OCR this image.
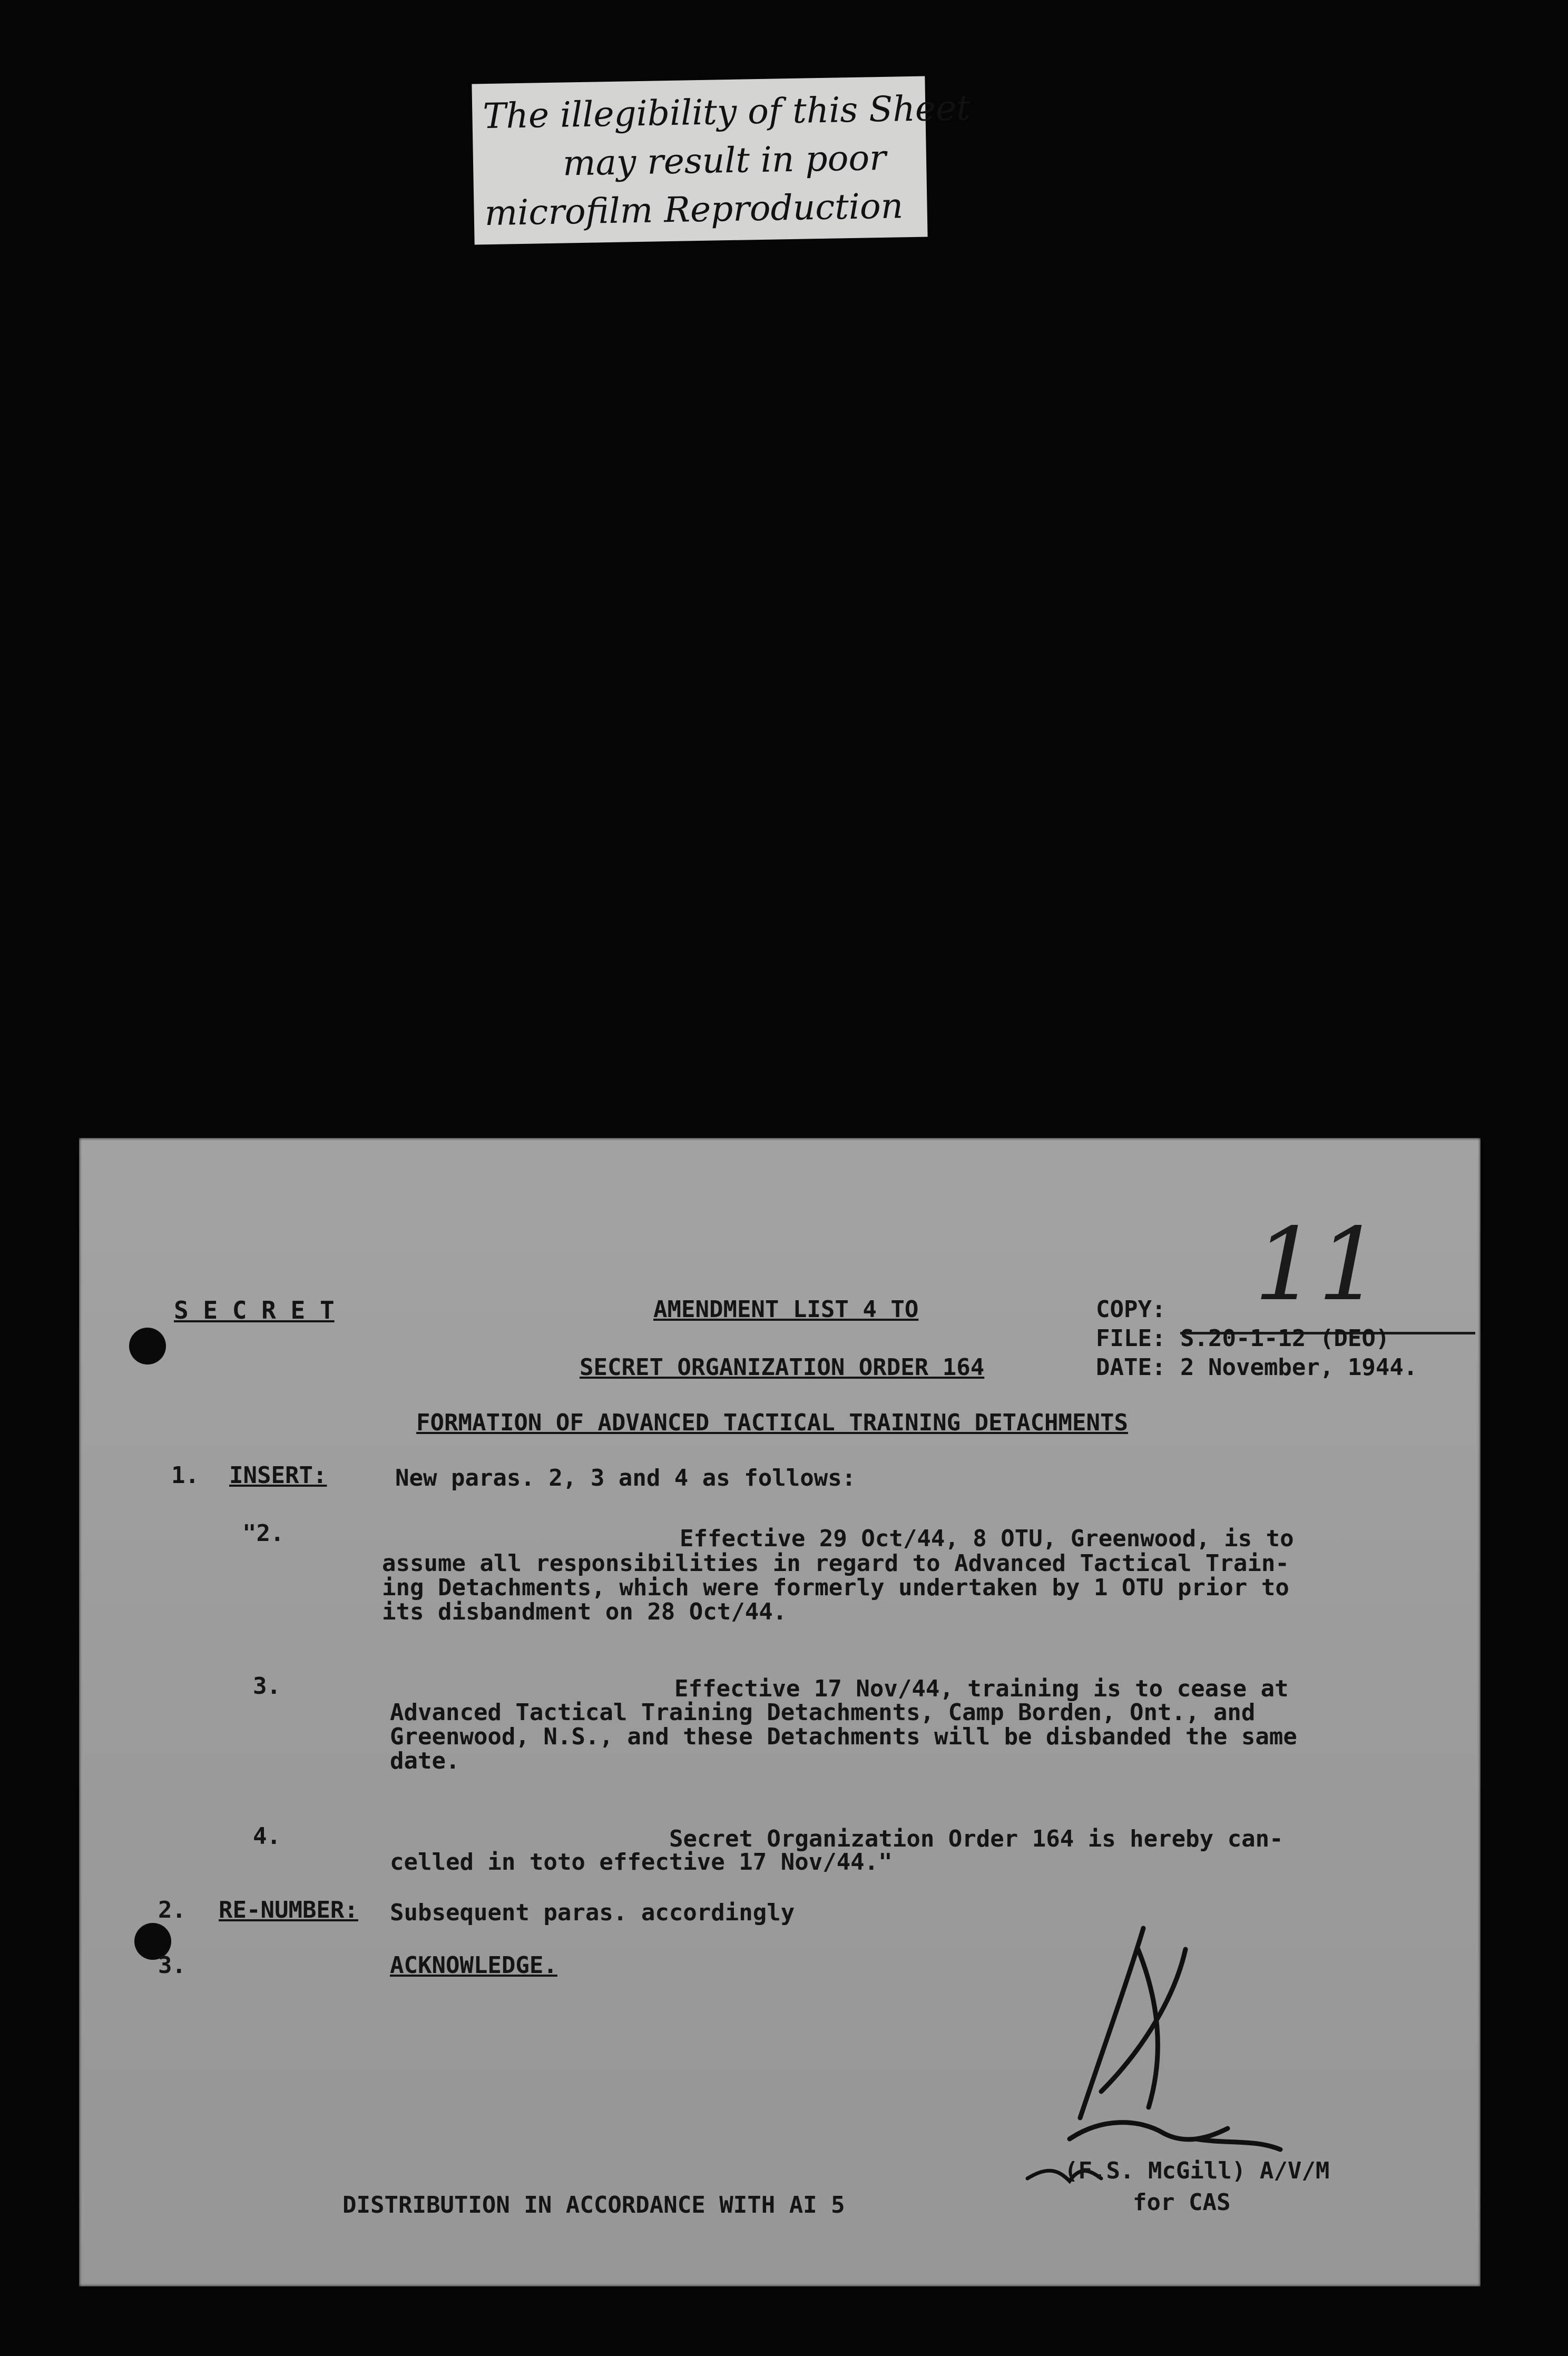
The illegibility of this Sheet
may result in poor
microfilm Reproduction
S E C R E T	AMENDMENT LIST 4 TO
SECRET ORGANIZATION ORDER 164
FORMATION OF ADVANCED TACTICAL TRAINING DETACHMENTS
COPY: 11
FILE: S.20-1-12 (DEO)
DATE: 2 November, 1944.
1. INSERT:	New paras. 2, 3 and 4 as follows:
"2.	Effective 29 Oct/44, 8 OTU, Greenwood, is to
assume all responsibilities in regard to Advanced Tactical Train-
ing Detachments, which were formerly undertaken by 1 OTU prior to
its disbandment on 28 Oct/44.
3.	Effective 17 Nov/44, training is to cease at
Advanced Tactical Training Detachments, Camp Borden, Ont., and
Greenwood, N.S., and these Detachments will be disbanded the same
date.
4.	Secret Organization Order 164 is hereby can-
celled in toto effective 17 Nov/44."
2. RE-NUMBER: Subsequent paras. accordingly
3.	ACKNOWLEDGE.
(F.S. McGill) A/V/M
for CAS
DISTRIBUTION IN ACCORDANCE WITH AI 5
